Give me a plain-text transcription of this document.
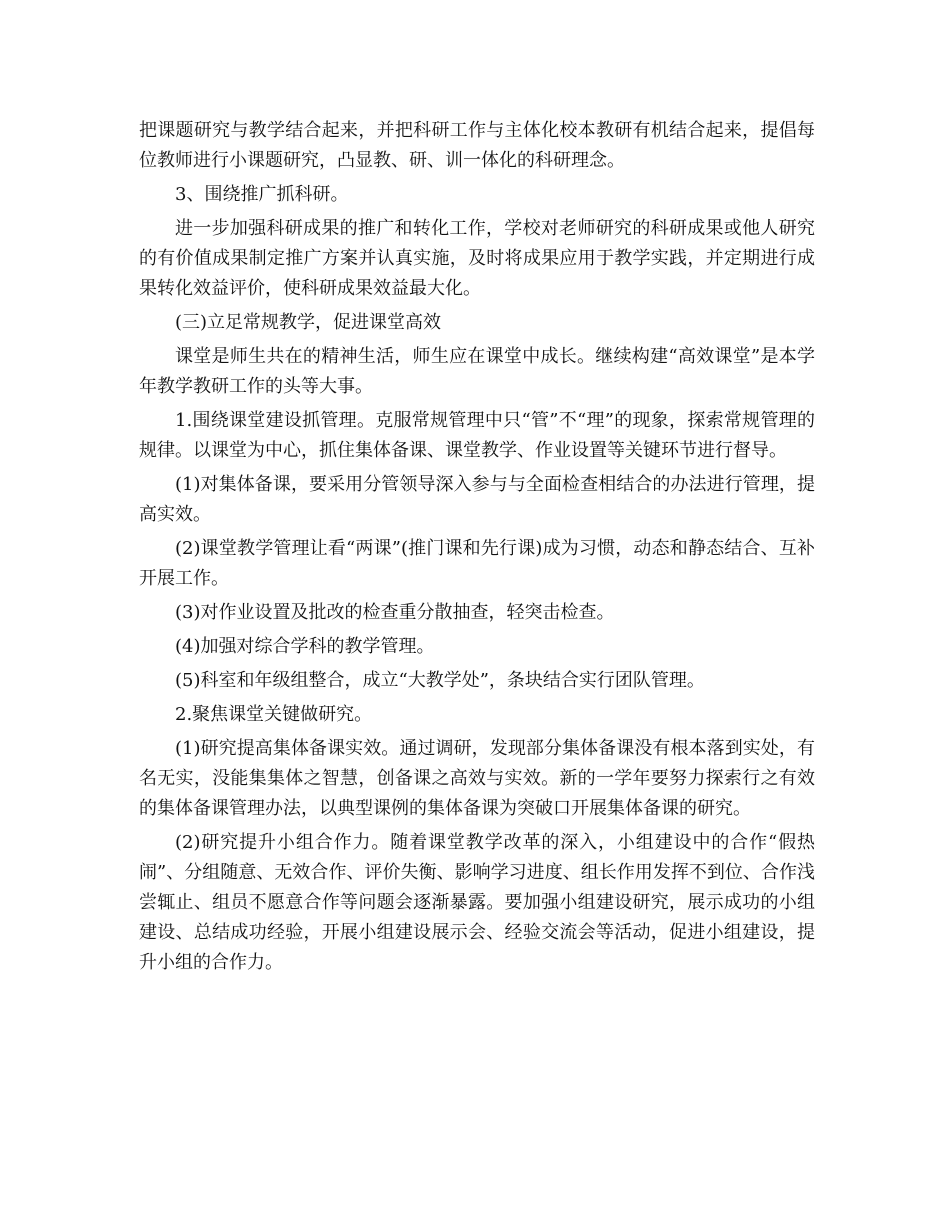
把课题研究与教学结合起来，并把科研工作与主体化校本教研有机结合起来，提倡每位教师进行小课题研究，凸显教、研、训一体化的科研理念。

3、围绕推广抓科研。

进一步加强科研成果的推广和转化工作，学校对老师研究的科研成果或他人研究的有价值成果制定推广方案并认真实施，及时将成果应用于教学实践，并定期进行成果转化效益评价，使科研成果效益最大化。

(三)立足常规教学，促进课堂高效

课堂是师生共在的精神生活，师生应在课堂中成长。继续构建“高效课堂”是本学年教学教研工作的头等大事。

1.围绕课堂建设抓管理。克服常规管理中只“管”不“理”的现象，探索常规管理的规律。以课堂为中心，抓住集体备课、课堂教学、作业设置等关键环节进行督导。

(1)对集体备课，要采用分管领导深入参与与全面检查相结合的办法进行管理，提高实效。

(2)课堂教学管理让看“两课”(推门课和先行课)成为习惯，动态和静态结合、互补开展工作。

(3)对作业设置及批改的检查重分散抽查，轻突击检查。

(4)加强对综合学科的教学管理。

(5)科室和年级组整合，成立“大教学处”，条块结合实行团队管理。

2.聚焦课堂关键做研究。

(1)研究提高集体备课实效。通过调研，发现部分集体备课没有根本落到实处，有名无实，没能集集体之智慧，创备课之高效与实效。新的一学年要努力探索行之有效的集体备课管理办法，以典型课例的集体备课为突破口开展集体备课的研究。

(2)研究提升小组合作力。随着课堂教学改革的深入，小组建设中的合作“假热闹”、分组随意、无效合作、评价失衡、影响学习进度、组长作用发挥不到位、合作浅尝辄止、组员不愿意合作等问题会逐渐暴露。要加强小组建设研究，展示成功的小组建设、总结成功经验，开展小组建设展示会、经验交流会等活动，促进小组建设，提升小组的合作力。
